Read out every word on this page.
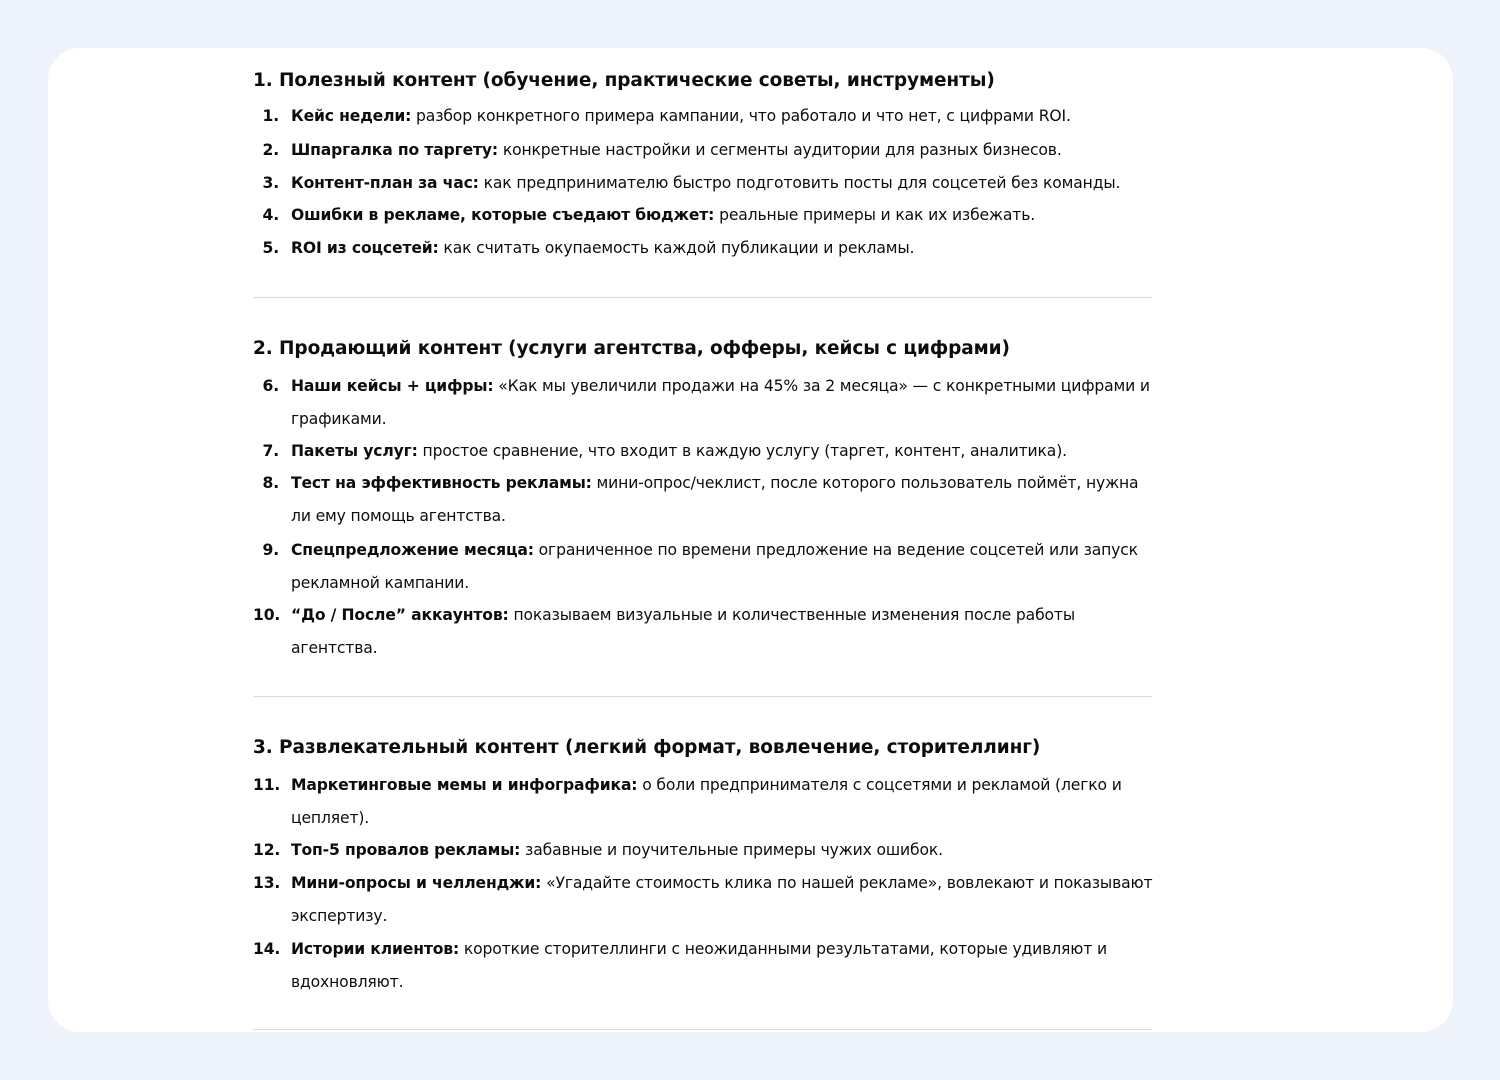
1. Полезный контент (обучение, практические советы, инструменты)
1. Кейс недели: разбор конкретного примера кампании, что работало и что нет, с цифрами ROI.
2. Шпаргалка по таргету: конкретные настройки и сегменты аудитории для разных бизнесов.
3. Контент-план за час: как предпринимателю быстро подготовить посты для соцсетей без команды.
4. Ошибки в рекламе, которые съедают бюджет: реальные примеры и как их избежать.
5. ROI из соцсетей: как считать окупаемость каждой публикации и рекламы.
2. Продающий контент (услуги агентства, офферы, кейсы с цифрами)
6. Наши кейсы + цифры: «Как мы увеличили продажи на 45% за 2 месяца» — с конкретными цифрами и графиками.
7. Пакеты услуг: простое сравнение, что входит в каждую услугу (таргет, контент, аналитика).
8. Тест на эффективность рекламы: мини-опрос/чеклист, после которого пользователь поймёт, нужна ли ему помощь агентства.
9. Спецпредложение месяца: ограниченное по времени предложение на ведение соцсетей или запуск рекламной кампании.
10. “До / После” аккаунтов: показываем визуальные и количественные изменения после работы агентства.
3. Развлекательный контент (легкий формат, вовлечение, сторителлинг)
11. Маркетинговые мемы и инфографика: о боли предпринимателя с соцсетями и рекламой (легко и цепляет).
12. Топ-5 провалов рекламы: забавные и поучительные примеры чужих ошибок.
13. Мини-опросы и челленджи: «Угадайте стоимость клика по нашей рекламе», вовлекают и показывают экспертизу.
14. Истории клиентов: короткие сторителлинги с неожиданными результатами, которые удивляют и вдохновляют.
